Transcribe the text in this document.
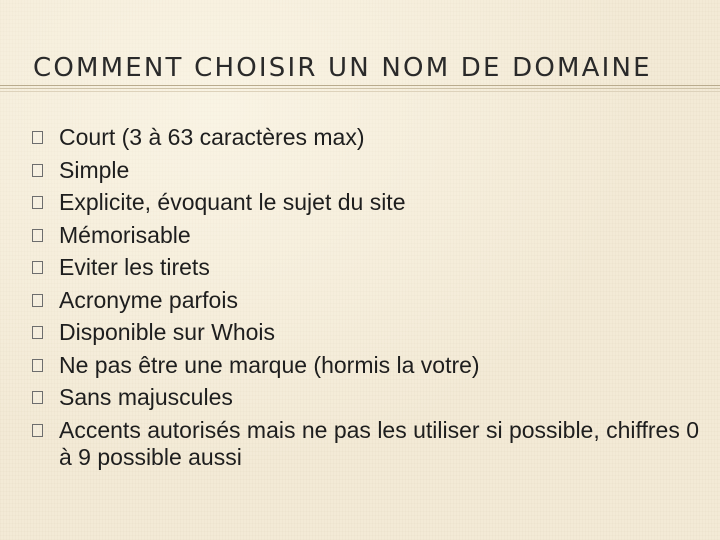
COMMENT CHOISIR UN NOM DE DOMAINE
Court (3 à 63 caractères max)
Simple
Explicite, évoquant le sujet du site
Mémorisable
Eviter les tirets
Acronyme parfois
Disponible sur Whois
Ne pas être une marque (hormis la votre)
Sans majuscules
Accents autorisés mais ne pas les utiliser si possible, chiffres 0 à 9 possible aussi
